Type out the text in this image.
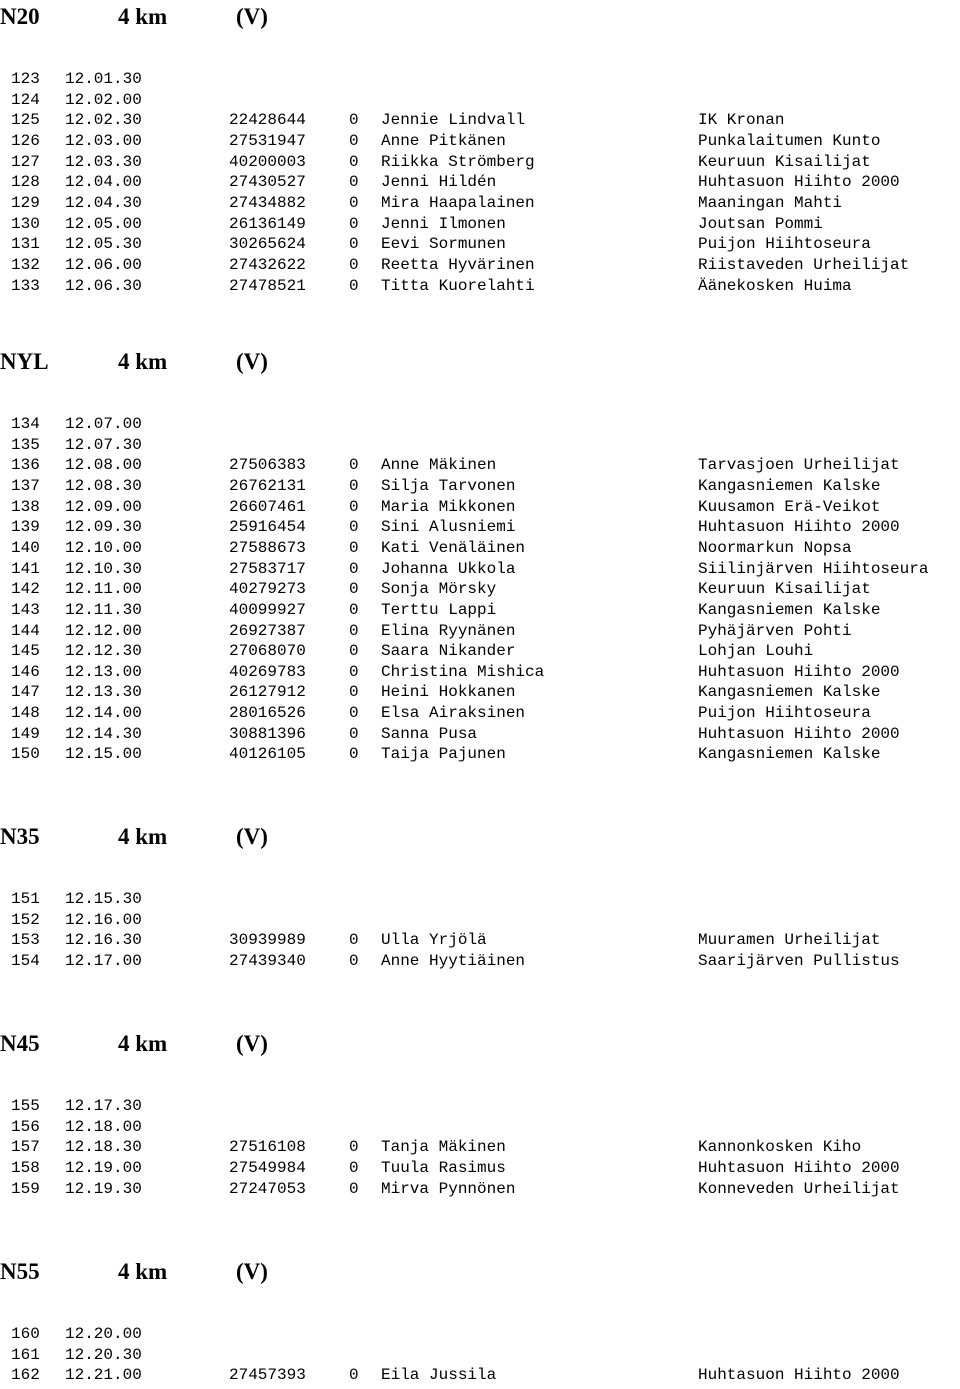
N20	4 km	(V)
123 12.01.30
124 12.02.00
125 12.02.30	22428644	0 Jennie Lindvall	IK Kronan
126 12.03.00	27531947	0 Anne Pitkänen	Punkalaitumen Kunto
127 12.03.30	40200003	0 Riikka Strömberg	Keuruun Kisailijat
128 12.04.00	27430527	0 Jenni Hildén	Huhtasuon Hiihto 2000
129 12.04.30	27434882	0 Mira Haapalainen	Maaningan Mahti
130 12.05.00	26136149	0 Jenni Ilmonen	Joutsan Pommi
131 12.05.30	30265624	0 Eevi Sormunen	Puijon Hiihtoseura
132 12.06.00	27432622	0 Reetta Hyvärinen	Riistaveden Urheilijat
133 12.06.30	27478521	0 Titta Kuorelahti	Äänekosken Huima
NYL	4 km	(V)
134 12.07.00
135 12.07.30
136 12.08.00	27506383	0 Anne Mäkinen	Tarvasjoen Urheilijat
137 12.08.30	26762131	0 Silja Tarvonen	Kangasniemen Kalske
138 12.09.00	26607461	0 Maria Mikkonen	Kuusamon Erä-Veikot
139 12.09.30	25916454	0 Sini Alusniemi	Huhtasuon Hiihto 2000
140 12.10.00	27588673	0 Kati Venäläinen	Noormarkun Nopsa
141 12.10.30	27583717	0 Johanna Ukkola	Siilinjärven Hiihtoseura
142 12.11.00	40279273	0 Sonja Mörsky	Keuruun Kisailijat
143 12.11.30	40099927	0 Terttu Lappi	Kangasniemen Kalske
144 12.12.00	26927387	0 Elina Ryynänen	Pyhäjärven Pohti
145 12.12.30	27068070	0 Saara Nikander	Lohjan Louhi
146 12.13.00	40269783	0 Christina Mishica	Huhtasuon Hiihto 2000
147 12.13.30	26127912	0 Heini Hokkanen	Kangasniemen Kalske
148 12.14.00	28016526	0 Elsa Airaksinen	Puijon Hiihtoseura
149 12.14.30	30881396	0 Sanna Pusa	Huhtasuon Hiihto 2000
150 12.15.00	40126105	0 Taija Pajunen	Kangasniemen Kalske
N35	4 km	(V)
151 12.15.30
152 12.16.00
153 12.16.30	30939989	0 Ulla Yrjölä	Muuramen Urheilijat
154 12.17.00	27439340	0 Anne Hyytiäinen	Saarijärven Pullistus
N45	4 km	(V)
155 12.17.30
156 12.18.00
157 12.18.30	27516108	0 Tanja Mäkinen	Kannonkosken Kiho
158 12.19.00	27549984	0 Tuula Rasimus	Huhtasuon Hiihto 2000
159 12.19.30	27247053	0 Mirva Pynnönen	Konneveden Urheilijat
N55	4 km	(V)
160 12.20.00
161 12.20.30
162 12.21.00	27457393	0 Eila Jussila	Huhtasuon Hiihto 2000
